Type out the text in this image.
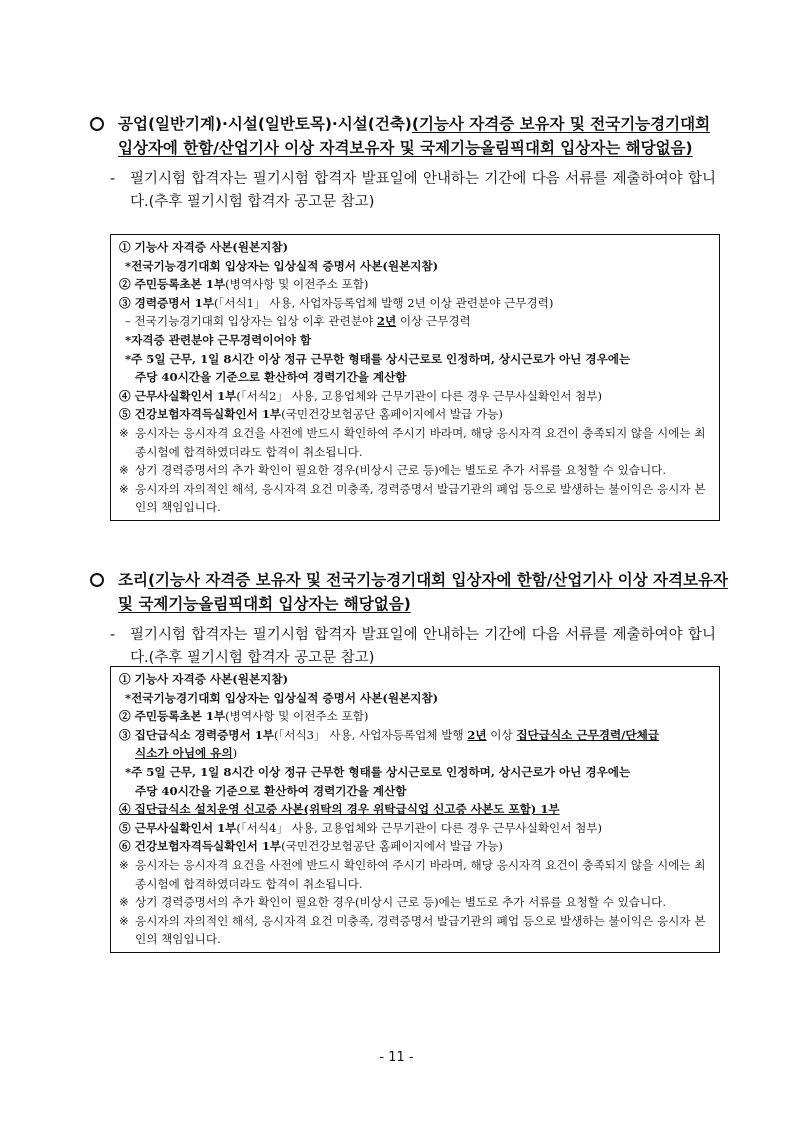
공업(일반기계)·시설(일반토목)·시설(건축)(기능사 자격증 보유자 및 전국기능경기대회 입상자에 한함/산업기사 이상 자격보유자 및 국제기능올림픽대회 입상자는 해당없음)
- 필기시험 합격자는 필기시험 합격자 발표일에 안내하는 기간에 다음 서류를 제출하여야 합니다.(추후 필기시험 합격자 공고문 참고)
① 기능사 자격증 사본(원본지참)
*전국기능경기대회 입상자는 입상실적 증명서 사본(원본지참)
② 주민등록초본 1부(병역사항 및 이전주소 포함)
③ 경력증명서 1부(「서식1」 사용, 사업자등록업체 발행 2년 이상 관련분야 근무경력)
– 전국기능경기대회 입상자는 입상 이후 관련분야 2년 이상 근무경력
*자격증 관련분야 근무경력이어야 함
*주 5일 근무, 1일 8시간 이상 정규 근무한 형태를 상시근로로 인정하며, 상시근로가 아닌 경우에는
주당 40시간을 기준으로 환산하여 경력기간을 계산함
④ 근무사실확인서 1부(「서식2」 사용, 고용업체와 근무기관이 다른 경우 근무사실확인서 첨부)
⑤ 건강보험자격득실확인서 1부(국민건강보험공단 홈페이지에서 발급 가능)
※ 응시자는 응시자격 요건을 사전에 반드시 확인하여 주시기 바라며, 해당 응시자격 요건이 충족되지 않을 시에는 최종시험에 합격하였더라도 합격이 취소됩니다.
※ 상기 경력증명서의 추가 확인이 필요한 경우(비상시 근로 등)에는 별도로 추가 서류를 요청할 수 있습니다.
※ 응시자의 자의적인 해석, 응시자격 요건 미충족, 경력증명서 발급기관의 폐업 등으로 발생하는 불이익은 응시자 본인의 책임입니다.
조리(기능사 자격증 보유자 및 전국기능경기대회 입상자에 한함/산업기사 이상 자격보유자 및 국제기능올림픽대회 입상자는 해당없음)
- 필기시험 합격자는 필기시험 합격자 발표일에 안내하는 기간에 다음 서류를 제출하여야 합니다.(추후 필기시험 합격자 공고문 참고)
① 기능사 자격증 사본(원본지참)
*전국기능경기대회 입상자는 입상실적 증명서 사본(원본지참)
② 주민등록초본 1부(병역사항 및 이전주소 포함)
③ 집단급식소 경력증명서 1부(「서식3」 사용, 사업자등록업체 발행 2년 이상 집단급식소 근무경력/단체급
식소가 아님에 유의)
*주 5일 근무, 1일 8시간 이상 정규 근무한 형태를 상시근로로 인정하며, 상시근로가 아닌 경우에는
주당 40시간을 기준으로 환산하여 경력기간을 계산함
④ 집단급식소 설치운영 신고증 사본(위탁의 경우 위탁급식업 신고증 사본도 포함) 1부
⑤ 근무사실확인서 1부(「서식4」 사용, 고용업체와 근무기관이 다른 경우 근무사실확인서 첨부)
⑥ 건강보험자격득실확인서 1부(국민건강보험공단 홈페이지에서 발급 가능)
※ 응시자는 응시자격 요건을 사전에 반드시 확인하여 주시기 바라며, 해당 응시자격 요건이 충족되지 않을 시에는 최종시험에 합격하였더라도 합격이 취소됩니다.
※ 상기 경력증명서의 추가 확인이 필요한 경우(비상시 근로 등)에는 별도로 추가 서류를 요청할 수 있습니다.
※ 응시자의 자의적인 해석, 응시자격 요건 미충족, 경력증명서 발급기관의 폐업 등으로 발생하는 불이익은 응시자 본인의 책임입니다.
- 11 -
